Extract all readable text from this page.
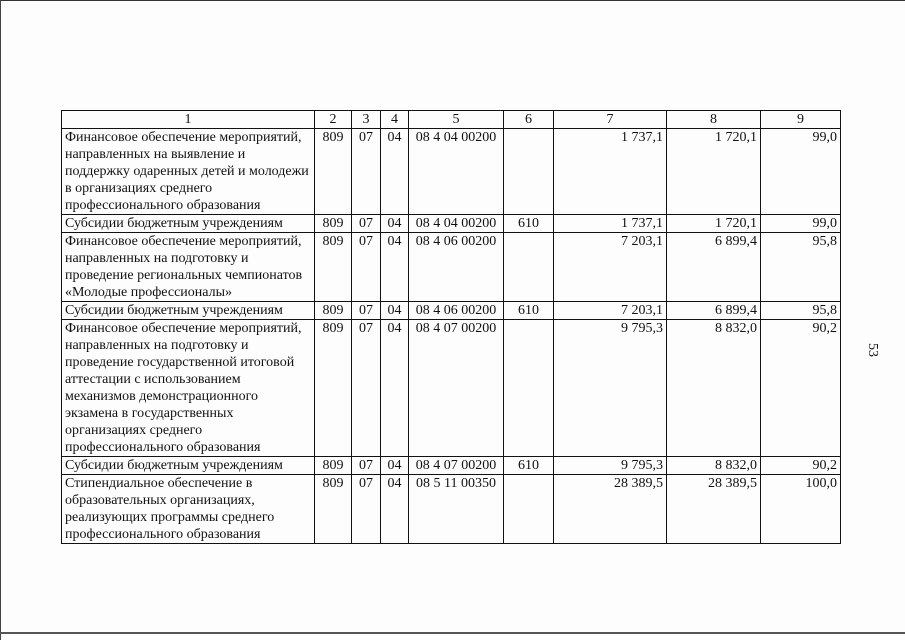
53
1	2	3	4	5	6	7	8	9
Финансовое обеспечение мероприятий, направленных на выявление и поддержку одаренных детей и молодежи в организациях среднего профессионального образования	809	07	04	08 4 04 00200		1 737,1	1 720,1	99,0
Субсидии бюджетным учреждениям	809	07	04	08 4 04 00200	610	1 737,1	1 720,1	99,0
Финансовое обеспечение мероприятий, направленных на подготовку и проведение региональных чемпионатов «Молодые профессионалы»	809	07	04	08 4 06 00200		7 203,1	6 899,4	95,8
Субсидии бюджетным учреждениям	809	07	04	08 4 06 00200	610	7 203,1	6 899,4	95,8
Финансовое обеспечение мероприятий, направленных на подготовку и проведение государственной итоговой аттестации с использованием механизмов демонстрационного экзамена в государственных организациях среднего профессионального образования	809	07	04	08 4 07 00200		9 795,3	8 832,0	90,2
Субсидии бюджетным учреждениям	809	07	04	08 4 07 00200	610	9 795,3	8 832,0	90,2
Стипендиальное обеспечение в образовательных организациях, реализующих программы среднего профессионального образования	809	07	04	08 5 11 00350		28 389,5	28 389,5	100,0
